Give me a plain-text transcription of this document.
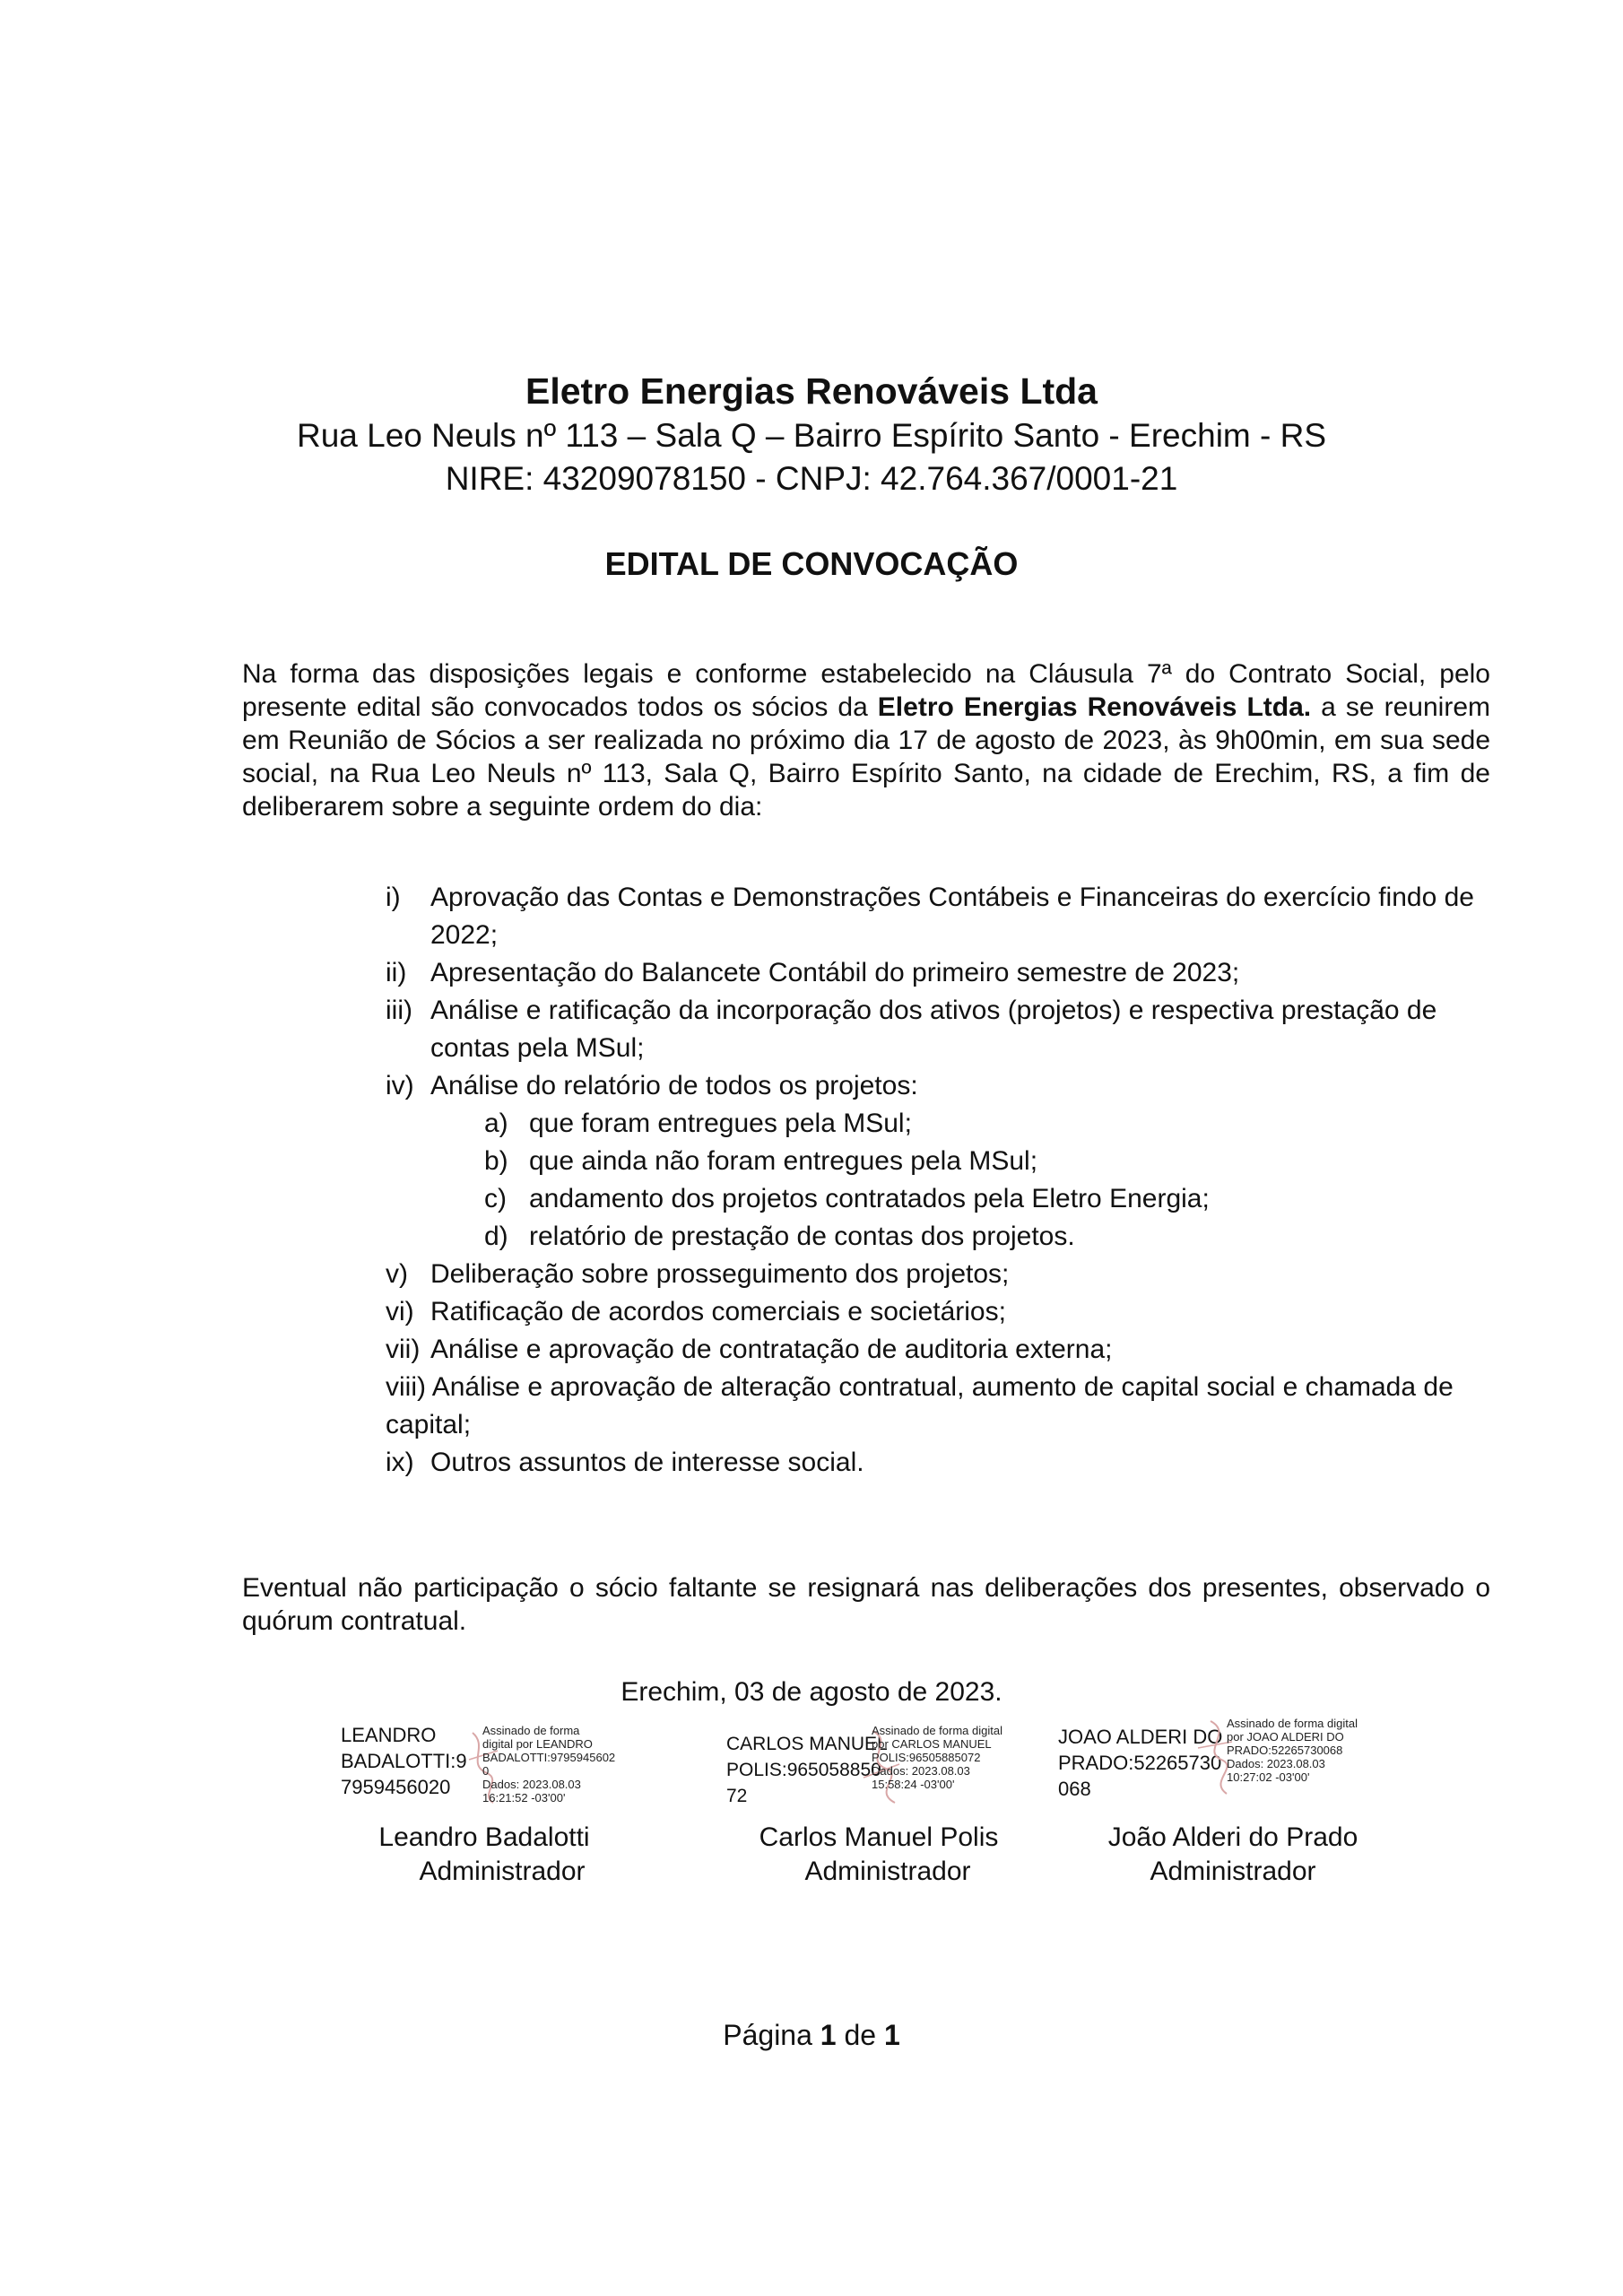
Eletro Energias Renováveis Ltda
Rua Leo Neuls nº 113 – Sala Q – Bairro Espírito Santo - Erechim - RS
NIRE: 43209078150 - CNPJ: 42.764.367/0001-21
EDITAL DE CONVOCAÇÃO
Na forma das disposições legais e conforme estabelecido na Cláusula 7ª do Contrato Social, pelo presente edital são convocados todos os sócios da Eletro Energias Renováveis Ltda. a se reunirem em Reunião de Sócios a ser realizada no próximo dia 17 de agosto de 2023, às 9h00min, em sua sede social, na Rua Leo Neuls nº 113, Sala Q, Bairro Espírito Santo, na cidade de Erechim, RS, a fim de deliberarem sobre a seguinte ordem do dia:
i) Aprovação das Contas e Demonstrações Contábeis e Financeiras do exercício findo de 2022;
ii) Apresentação do Balancete Contábil do primeiro semestre de 2023;
iii) Análise e ratificação da incorporação dos ativos (projetos) e respectiva prestação de contas pela MSul;
iv) Análise do relatório de todos os projetos:
a) que foram entregues pela MSul;
b) que ainda não foram entregues pela MSul;
c) andamento dos projetos contratados pela Eletro Energia;
d) relatório de prestação de contas dos projetos.
v) Deliberação sobre prosseguimento dos projetos;
vi) Ratificação de acordos comerciais e societários;
vii) Análise e aprovação de contratação de auditoria externa;
viii) Análise e aprovação de alteração contratual, aumento de capital social e chamada de capital;
ix) Outros assuntos de interesse social.
Eventual não participação o sócio faltante se resignará nas deliberações dos presentes, observado o quórum contratual.
Erechim, 03 de agosto de 2023.
LEANDRO
BADALOTTI:9
7959456020
Assinado de forma
digital por LEANDRO
BADALOTTI:9795945602
0
Dados: 2023.08.03
16:21:52 -03'00'
Leandro Badalotti
Administrador
CARLOS MANUEL
POLIS:965058850
72
Assinado de forma digital
por CARLOS MANUEL
POLIS:96505885072
Dados: 2023.08.03
15:58:24 -03'00'
Carlos Manuel Polis
Administrador
JOAO ALDERI DO
PRADO:52265730
068
Assinado de forma digital
por JOAO ALDERI DO
PRADO:52265730068
Dados: 2023.08.03
10:27:02 -03'00'
João Alderi do Prado
Administrador
Página 1 de 1
